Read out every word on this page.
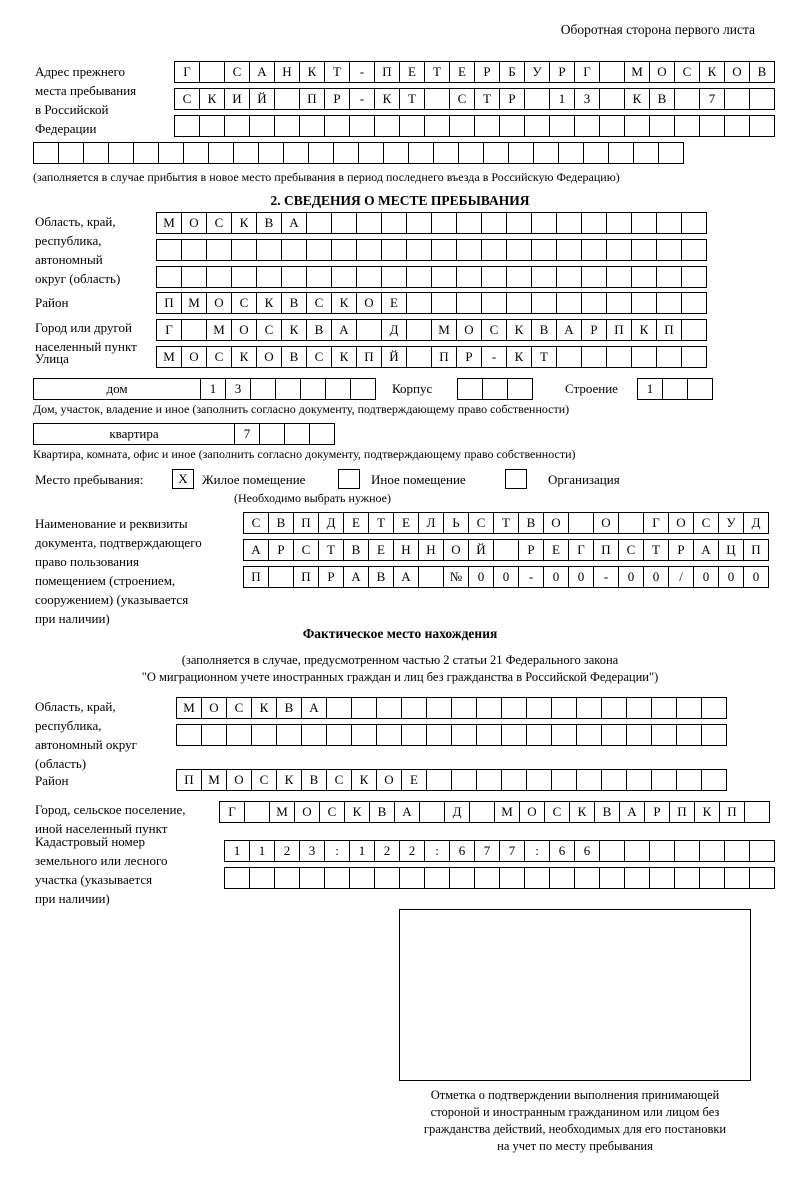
Оборотная сторона первого листа
Адрес прежнего
места пребывания
в Российской
Федерации
Г	С	А	Н	К	Т	-	П	Е	Т	Е	Р	Б	У	Р	Г	М	О	С	К	О	В
С	К	И	Й	П	Р	-	К	Т	С	Т	Р	1	3	К	В	7
(заполняется в случае прибытия в новое место пребывания в период последнего въезда в Российскую Федерацию)
2. СВЕДЕНИЯ О МЕСТЕ ПРЕБЫВАНИЯ
Область, край,
республика,
автономный
округ (область)
М	О	С	К	В	А
Район	П	М	О	С	К	В	С	К	О	Е
Город или другой
населенный пункт
Г	М	О	С	К	В	А	Д	М	О	С	К	В	А	Р	П	К	П
Улица	М	О	С	К	О	В	С	К	П	Й	П	Р	-	К	Т
дом	1	3	Корпус	Строение	1
Дом, участок, владение и иное (заполнить согласно документу, подтверждающему право собственности)
квартира	7
Квартира, комната, офис и иное (заполнить согласно документу, подтверждающему право собственности)
Место пребывания:	X	Жилое помещение	Иное помещение	Организация
(Необходимо выбрать нужное)
Наименование и реквизиты
документа, подтверждающего
право пользования
помещением (строением,
сооружением) (указывается
при наличии)
С	В	П	Д	Е	Т	Е	Л	Ь	С	Т	В	О	О	Г	О	С	У	Д
А	Р	С	Т	В	Е	Н	Н	О	Й	Р	Е	Г	П	С	Т	Р	А	Ц	П
П	П	Р	А	В	А	№	0	0	-	0	0	-	0	0	/	0	0	0
Фактическое место нахождения
(заполняется в случае, предусмотренном частью 2 статьи 21 Федерального закона
"О миграционном учете иностранных граждан и лиц без гражданства в Российской Федерации")
Область, край,
республика,
автономный округ
(область)
М	О	С	К	В	А
Район	П	М	О	С	К	В	С	К	О	Е
Город, сельское поселение,
иной населенный пункт
Г	М	О	С	К	В	А	Д	М	О	С	К	В	А	Р	П	К	П
Кадастровый номер
земельного или лесного
участка (указывается
при наличии)
1	1	2	3	:	1	2	2	:	6	7	7	:	6	6
Отметка о подтверждении выполнения принимающей
стороной и иностранным гражданином или лицом без
гражданства действий, необходимых для его постановки
на учет по месту пребывания
